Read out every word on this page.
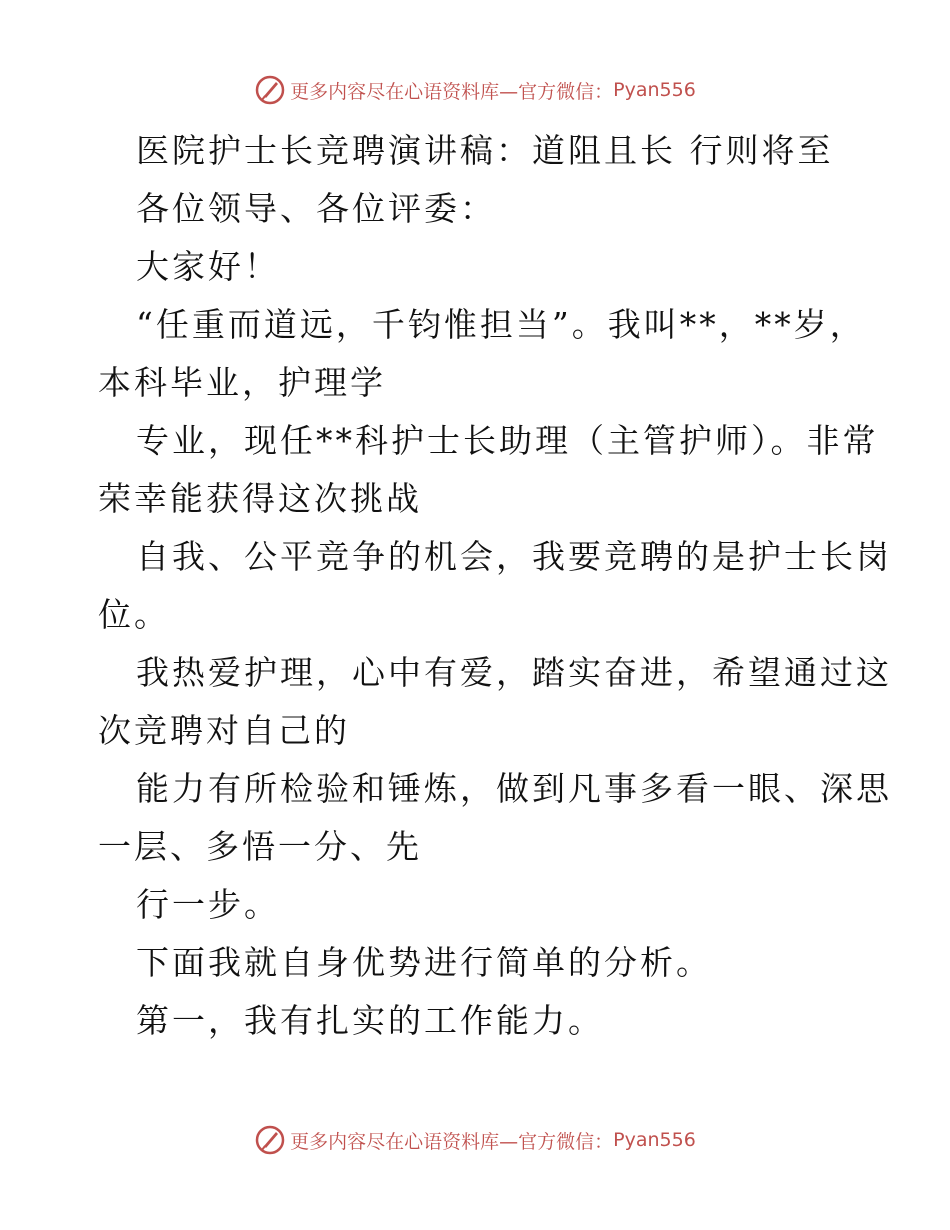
更多内容尽在心语资料库—官方微信： Pyan556

医院护士长竞聘演讲稿：道阻且长 行则将至

各位领导、各位评委：

大家好！

“任重而道远，千钧惟担当”。我叫**，**岁，

本科毕业，护理学

专业，现任**科护士长助理（主管护师）。非常

荣幸能获得这次挑战

自我、公平竞争的机会，我要竞聘的是护士长岗

位。

我热爱护理，心中有爱，踏实奋进，希望通过这

次竞聘对自己的

能力有所检验和锤炼，做到凡事多看一眼、深思

一层、多悟一分、先

行一步。

下面我就自身优势进行简单的分析。

第一，我有扎实的工作能力。

更多内容尽在心语资料库—官方微信： Pyan556
